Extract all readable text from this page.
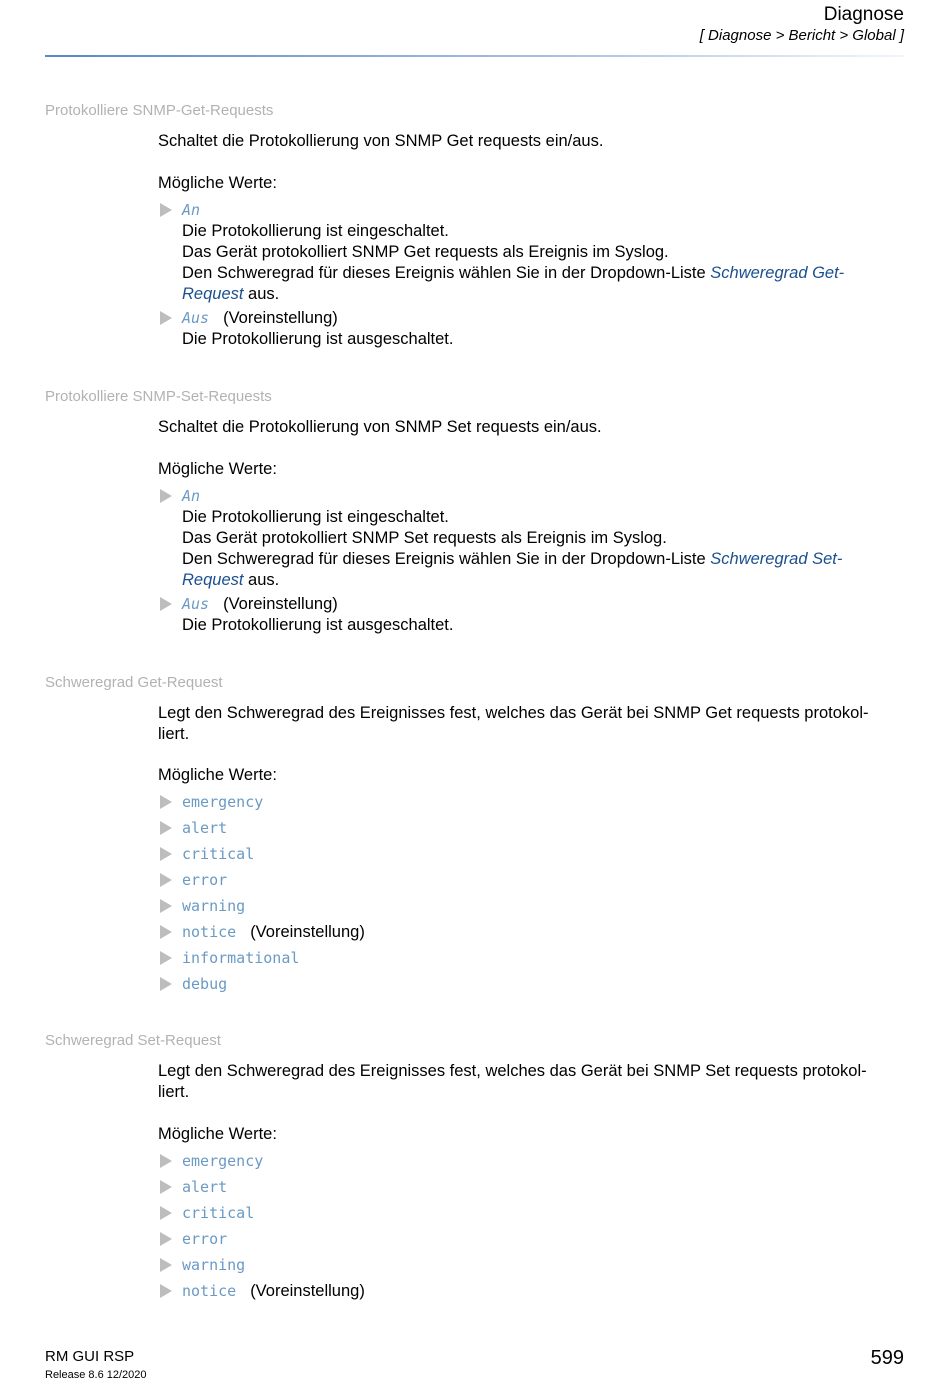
Diagnose
[ Diagnose > Bericht > Global ]
Protokolliere SNMP-Get-Requests
Schaltet die Protokollierung von SNMP Get requests ein/aus.
Mögliche Werte:
An
Die Protokollierung ist eingeschaltet.
Das Gerät protokolliert SNMP Get requests als Ereignis im Syslog.
Den Schweregrad für dieses Ereignis wählen Sie in der Dropdown-Liste Schweregrad Get-
Request aus.
Aus (Voreinstellung)
Die Protokollierung ist ausgeschaltet.
Protokolliere SNMP-Set-Requests
Schaltet die Protokollierung von SNMP Set requests ein/aus.
Mögliche Werte:
An
Die Protokollierung ist eingeschaltet.
Das Gerät protokolliert SNMP Set requests als Ereignis im Syslog.
Den Schweregrad für dieses Ereignis wählen Sie in der Dropdown-Liste Schweregrad Set-
Request aus.
Aus (Voreinstellung)
Die Protokollierung ist ausgeschaltet.
Schweregrad Get-Request
Legt den Schweregrad des Ereignisses fest, welches das Gerät bei SNMP Get requests protokol-
liert.
Mögliche Werte:
emergency
alert
critical
error
warning
notice (Voreinstellung)
informational
debug
Schweregrad Set-Request
Legt den Schweregrad des Ereignisses fest, welches das Gerät bei SNMP Set requests protokol-
liert.
Mögliche Werte:
emergency
alert
critical
error
warning
notice (Voreinstellung)
RM GUI RSP
Release 8.6 12/2020
599
